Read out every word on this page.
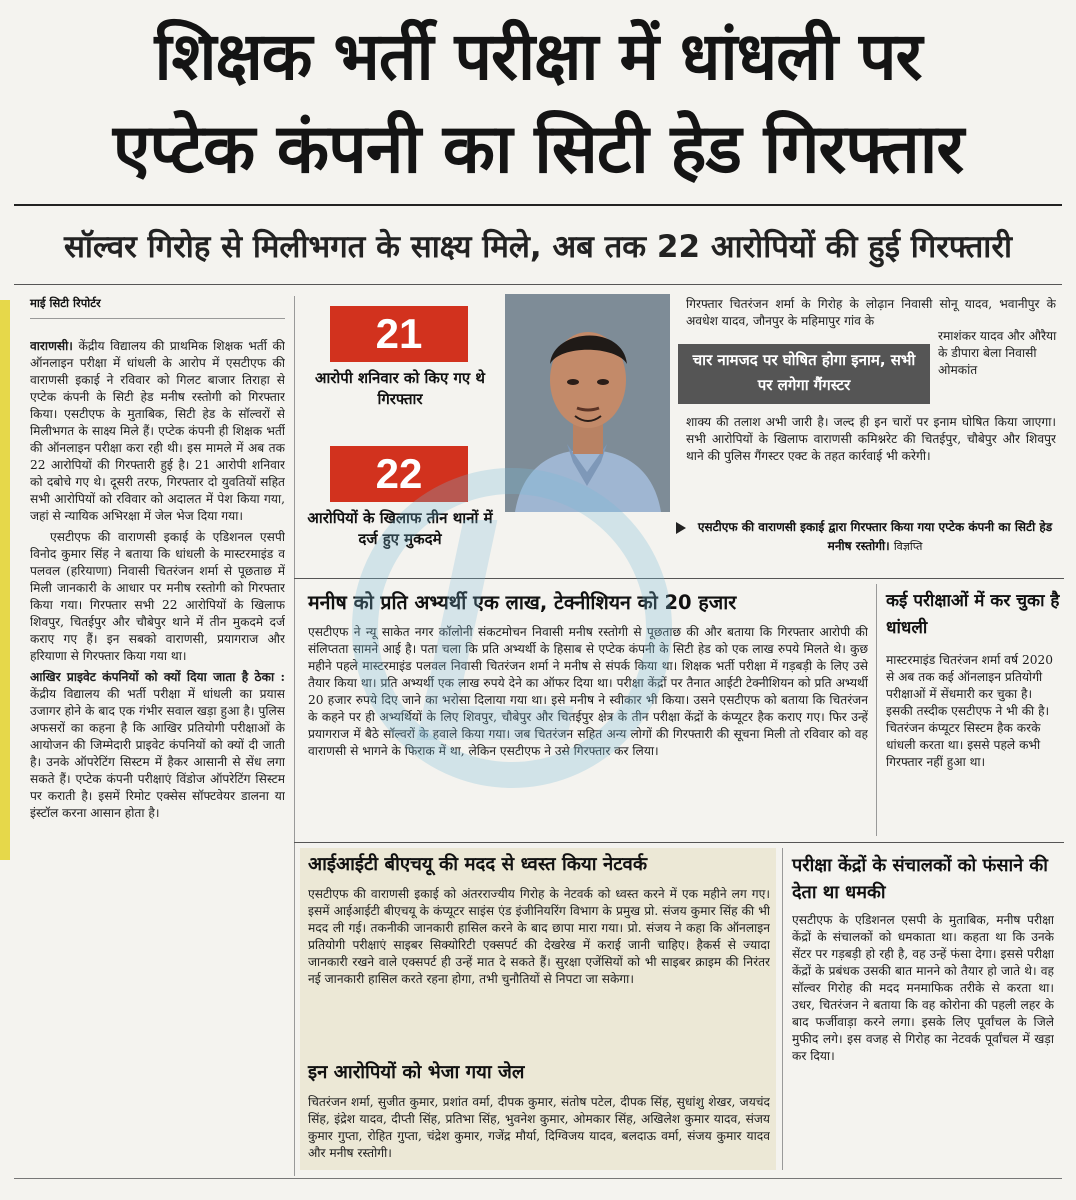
शिक्षक भर्ती परीक्षा में धांधली पर
एप्टेक कंपनी का सिटी हेड गिरफ्तार
सॉल्वर गिरोह से मिलीभगत के साक्ष्य मिले, अब तक 22 आरोपियों की हुई गिरफ्तारी
माई सिटी रिपोर्टर

वाराणसी। केंद्रीय विद्यालय की प्राथमिक शिक्षक भर्ती की ऑनलाइन परीक्षा में धांधली के आरोप में एसटीएफ की वाराणसी इकाई ने रविवार को गिलट बाजार तिराहा से एप्टेक कंपनी के सिटी हेड मनीष रस्तोगी को गिरफ्तार किया। एसटीएफ के मुताबिक, सिटी हेड के सॉल्वरों से मिलीभगत के साक्ष्य मिले हैं। एप्टेक कंपनी ही शिक्षक भर्ती की ऑनलाइन परीक्षा करा रही थी। इस मामले में अब तक 22 आरोपियों की गिरफ्तारी हुई है। 21 आरोपी शनिवार को दबोचे गए थे। दूसरी तरफ, गिरफ्तार दो युवतियों सहित सभी आरोपियों को रविवार को अदालत में पेश किया गया, जहां से न्यायिक अभिरक्षा में जेल भेज दिया गया।

एसटीएफ की वाराणसी इकाई के एडिशनल एसपी विनोद कुमार सिंह ने बताया कि धांधली के मास्टरमाइंड व पलवल (हरियाणा) निवासी चितरंजन शर्मा से पूछताछ में मिली जानकारी के आधार पर मनीष रस्तोगी को गिरफ्तार किया गया। गिरफ्तार सभी 22 आरोपियों के खिलाफ शिवपुर, चितईपुर और चौबेपुर थाने में तीन मुकदमे दर्ज कराए गए हैं। इन सबको वाराणसी, प्रयागराज और हरियाणा से गिरफ्तार किया गया था।

आखिर प्राइवेट कंपनियों को क्यों दिया जाता है ठेका : केंद्रीय विद्यालय की भर्ती परीक्षा में धांधली का प्रयास उजागर होने के बाद एक गंभीर सवाल खड़ा हुआ है। पुलिस अफसरों का कहना है कि आखिर प्रतियोगी परीक्षाओं के आयोजन की जिम्मेदारी प्राइवेट कंपनियों को क्यों दी जाती है। उनके ऑपरेटिंग सिस्टम में हैकर आसानी से सेंध लगा सकते हैं। एप्टेक कंपनी परीक्षाएं विंडोज ऑपरेटिंग सिस्टम पर कराती है। इसमें रिमोट एक्सेस सॉफ्टवेयर डालना या इंस्टॉल करना आसान होता है।

21
आरोपी शनिवार को किए गए थे गिरफ्तार
22
आरोपियों के खिलाफ तीन थानों में दर्ज हुए मुकदमे
एसटीएफ की वाराणसी इकाई द्वारा गिरफ्तार किया गया एप्टेक कंपनी का सिटी हेड मनीष रस्तोगी। विज्ञप्ति
गिरफ्तार चितरंजन शर्मा के गिरोह के लोढ़ान निवासी सोनू यादव, भवानीपुर के अवधेश यादव, जौनपुर के महिमापुर गांव के
चार नामजद पर घोषित होगा इनाम, सभी पर लगेगा गैंगस्टर
रमाशंकर यादव और औरैया के डीपारा बेला निवासी ओमकांत
शाक्य की तलाश अभी जारी है। जल्द ही इन चारों पर इनाम घोषित किया जाएगा। सभी आरोपियों के खिलाफ वाराणसी कमिश्नरेट की चितईपुर, चौबेपुर और शिवपुर थाने की पुलिस गैंगस्टर एक्ट के तहत कार्रवाई भी करेगी।
मनीष को प्रति अभ्यर्थी एक लाख, टेक्नीशियन को 20 हजार
एसटीएफ ने न्यू साकेत नगर कॉलोनी संकटमोचन निवासी मनीष रस्तोगी से पूछताछ की और बताया कि गिरफ्तार आरोपी की संलिप्तता सामने आई है। पता चला कि प्रति अभ्यर्थी के हिसाब से एप्टेक कंपनी के सिटी हेड को एक लाख रुपये मिलते थे। कुछ महीने पहले मास्टरमाइंड पलवल निवासी चितरंजन शर्मा ने मनीष से संपर्क किया था। शिक्षक भर्ती परीक्षा में गड़बड़ी के लिए उसे तैयार किया था। प्रति अभ्यर्थी एक लाख रुपये देने का ऑफर दिया था। परीक्षा केंद्रों पर तैनात आईटी टेक्नीशियन को प्रति अभ्यर्थी 20 हजार रुपये दिए जाने का भरोसा दिलाया गया था। इसे मनीष ने स्वीकार भी किया। उसने एसटीएफ को बताया कि चितरंजन के कहने पर ही अभ्यर्थियों के लिए शिवपुर, चौबेपुर और चितईपुर क्षेत्र के तीन परीक्षा केंद्रों के कंप्यूटर हैक कराए गए। फिर उन्हें प्रयागराज में बैठे सॉल्वरों के हवाले किया गया। जब चितरंजन सहित अन्य लोगों की गिरफ्तारी की सूचना मिली तो रविवार को वह वाराणसी से भागने के फिराक में था, लेकिन एसटीएफ ने उसे गिरफ्तार कर लिया।
कई परीक्षाओं में कर चुका है धांधली
मास्टरमाइंड चितरंजन शर्मा वर्ष 2020 से अब तक कई ऑनलाइन प्रतियोगी परीक्षाओं में सेंधमारी कर चुका है। इसकी तस्दीक एसटीएफ ने भी की है। चितरंजन कंप्यूटर सिस्टम हैक करके धांधली करता था। इससे पहले कभी गिरफ्तार नहीं हुआ था।
आईआईटी बीएचयू की मदद से ध्वस्त किया नेटवर्क
एसटीएफ की वाराणसी इकाई को अंतरराज्यीय गिरोह के नेटवर्क को ध्वस्त करने में एक महीने लग गए। इसमें आईआईटी बीएचयू के कंप्यूटर साइंस एंड इंजीनियरिंग विभाग के प्रमुख प्रो. संजय कुमार सिंह की भी मदद ली गई। तकनीकी जानकारी हासिल करने के बाद छापा मारा गया। प्रो. संजय ने कहा कि ऑनलाइन प्रतियोगी परीक्षाएं साइबर सिक्योरिटी एक्सपर्ट की देखरेख में कराई जानी चाहिए। हैकर्स से ज्यादा जानकारी रखने वाले एक्सपर्ट ही उन्हें मात दे सकते हैं। सुरक्षा एजेंसियों को भी साइबर क्राइम की निरंतर नई जानकारी हासिल करते रहना होगा, तभी चुनौतियों से निपटा जा सकेगा।
इन आरोपियों को भेजा गया जेल
चितरंजन शर्मा, सुजीत कुमार, प्रशांत वर्मा, दीपक कुमार, संतोष पटेल, दीपक सिंह, सुधांशु शेखर, जयचंद सिंह, इंद्रेश यादव, दीप्ती सिंह, प्रतिभा सिंह, भुवनेश कुमार, ओमकार सिंह, अखिलेश कुमार यादव, संजय कुमार गुप्ता, रोहित गुप्ता, चंद्रेश कुमार, गजेंद्र मौर्या, दिग्विजय यादव, बलदाऊ वर्मा, संजय कुमार यादव और मनीष रस्तोगी।
परीक्षा केंद्रों के संचालकों को फंसाने की देता था धमकी
एसटीएफ के एडिशनल एसपी के मुताबिक, मनीष परीक्षा केंद्रों के संचालकों को धमकाता था। कहता था कि उनके सेंटर पर गड़बड़ी हो रही है, वह उन्हें फंसा देगा। इससे परीक्षा केंद्रों के प्रबंधक उसकी बात मानने को तैयार हो जाते थे। वह सॉल्वर गिरोह की मदद मनमाफिक तरीके से करता था। उधर, चितरंजन ने बताया कि वह कोरोना की पहली लहर के बाद फर्जीवाड़ा करने लगा। इसके लिए पूर्वांचल के जिले मुफीद लगे। इस वजह से गिरोह का नेटवर्क पूर्वांचल में खड़ा कर दिया।
